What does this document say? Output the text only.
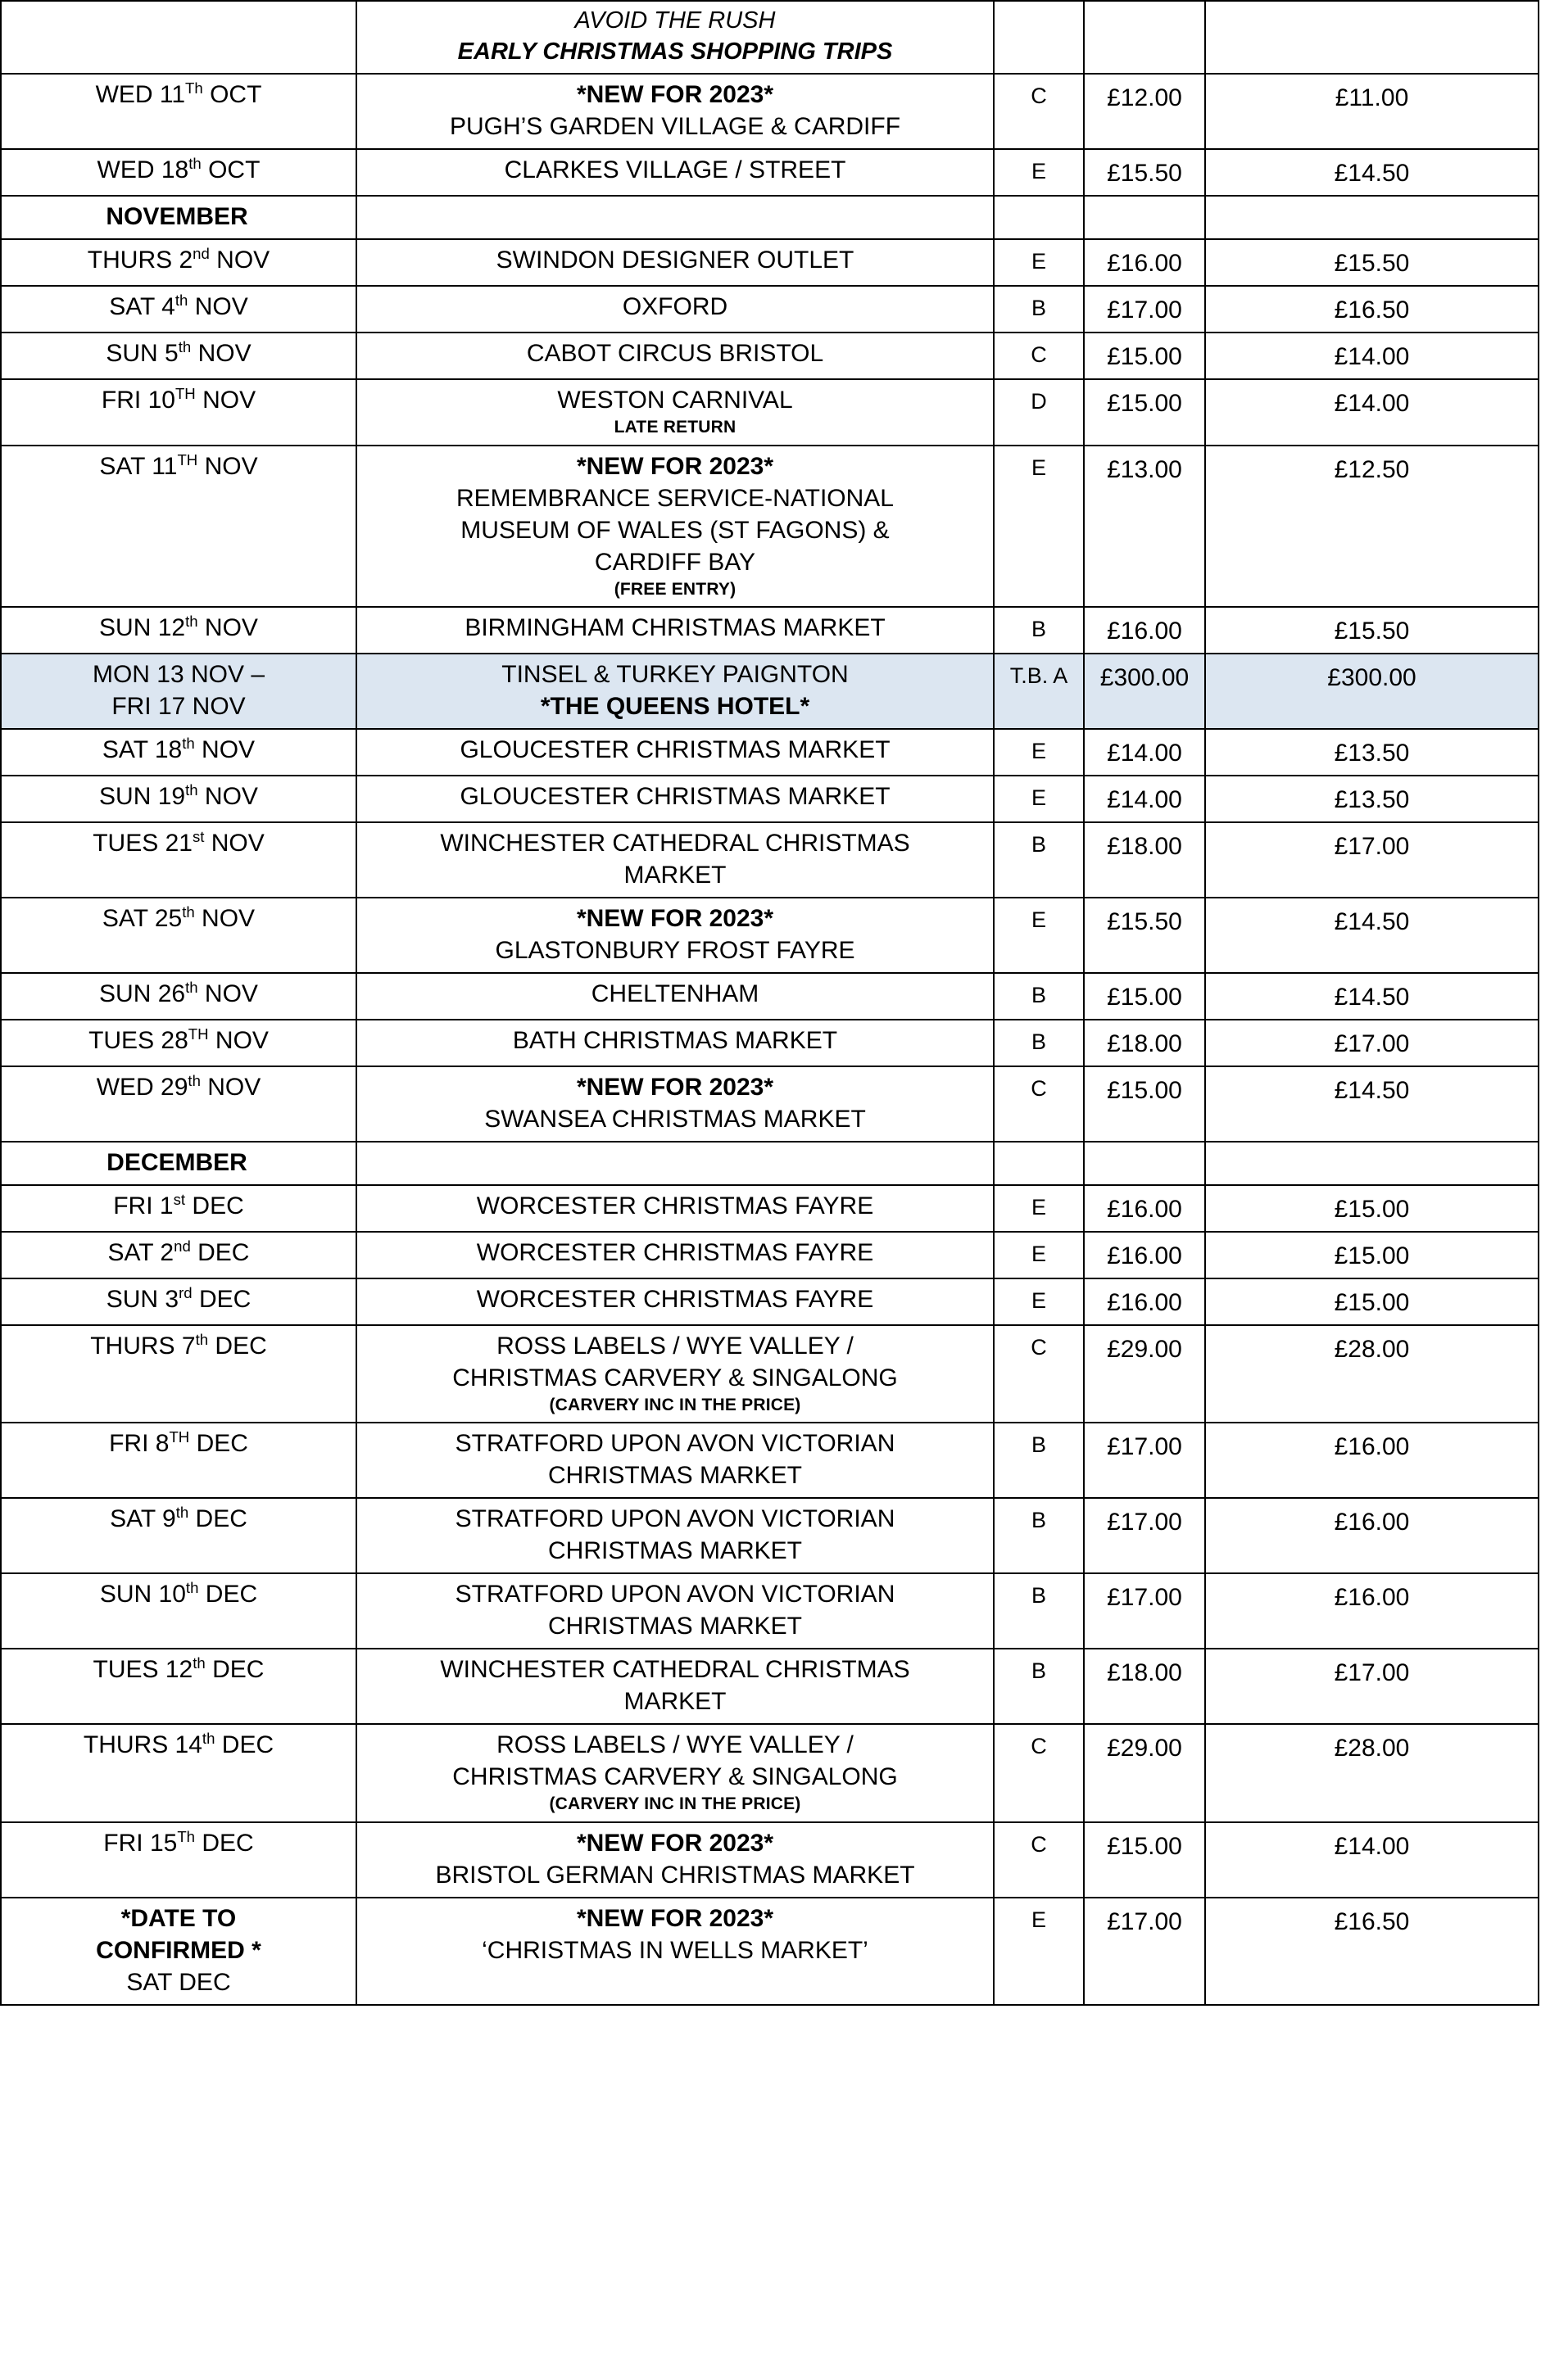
	AVOID THE RUSH
EARLY CHRISTMAS SHOPPING TRIPS			

WED 11Th OCT	*NEW FOR 2023*
PUGH’S GARDEN VILLAGE & CARDIFF	C	£12.00	£11.00

WED 18th OCT	CLARKES VILLAGE / STREET	E	£15.50	£14.50

NOVEMBER				

THURS 2nd NOV	SWINDON DESIGNER OUTLET	E	£16.00	£15.50

SAT 4th NOV	OXFORD	B	£17.00	£16.50

SUN 5th NOV	CABOT CIRCUS BRISTOL	C	£15.00	£14.00

FRI 10TH NOV	WESTON CARNIVAL
LATE RETURN	D	£15.00	£14.00

SAT 11TH NOV	*NEW FOR 2023*
REMEMBRANCE SERVICE-NATIONAL
MUSEUM OF WALES (ST FAGONS) &
CARDIFF BAY
(FREE ENTRY)	E	£13.00	£12.50

SUN 12th NOV	BIRMINGHAM CHRISTMAS MARKET	B	£16.00	£15.50

MON 13 NOV –
FRI 17 NOV	TINSEL & TURKEY PAIGNTON
*THE QUEENS HOTEL*	T.B. A	£300.00	£300.00

SAT 18th NOV	GLOUCESTER CHRISTMAS MARKET	E	£14.00	£13.50

SUN 19th NOV	GLOUCESTER CHRISTMAS MARKET	E	£14.00	£13.50

TUES 21st NOV	WINCHESTER CATHEDRAL CHRISTMAS
MARKET	B	£18.00	£17.00

SAT 25th NOV	*NEW FOR 2023*
GLASTONBURY FROST FAYRE	E	£15.50	£14.50

SUN 26th NOV	CHELTENHAM	B	£15.00	£14.50

TUES 28TH NOV	BATH CHRISTMAS MARKET	B	£18.00	£17.00

WED 29th NOV	*NEW FOR 2023*
SWANSEA CHRISTMAS MARKET	C	£15.00	£14.50

DECEMBER				

FRI 1st DEC	WORCESTER CHRISTMAS FAYRE	E	£16.00	£15.00

SAT 2nd DEC	WORCESTER CHRISTMAS FAYRE	E	£16.00	£15.00

SUN 3rd DEC	WORCESTER CHRISTMAS FAYRE	E	£16.00	£15.00

THURS 7th DEC	ROSS LABELS / WYE VALLEY /
CHRISTMAS CARVERY & SINGALONG
(CARVERY INC IN THE PRICE)	C	£29.00	£28.00

FRI 8TH DEC	STRATFORD UPON AVON VICTORIAN
CHRISTMAS MARKET	B	£17.00	£16.00

SAT 9th DEC	STRATFORD UPON AVON VICTORIAN
CHRISTMAS MARKET	B	£17.00	£16.00

SUN 10th DEC	STRATFORD UPON AVON VICTORIAN
CHRISTMAS MARKET	B	£17.00	£16.00

TUES 12th DEC	WINCHESTER CATHEDRAL CHRISTMAS
MARKET	B	£18.00	£17.00

THURS 14th DEC	ROSS LABELS / WYE VALLEY /
CHRISTMAS CARVERY & SINGALONG
(CARVERY INC IN THE PRICE)	C	£29.00	£28.00

FRI 15Th DEC	*NEW FOR 2023*
BRISTOL GERMAN CHRISTMAS MARKET	C	£15.00	£14.00

*DATE TO
CONFIRMED *
SAT DEC	*NEW FOR 2023*
‘CHRISTMAS IN WELLS MARKET’	E	£17.00	£16.50
